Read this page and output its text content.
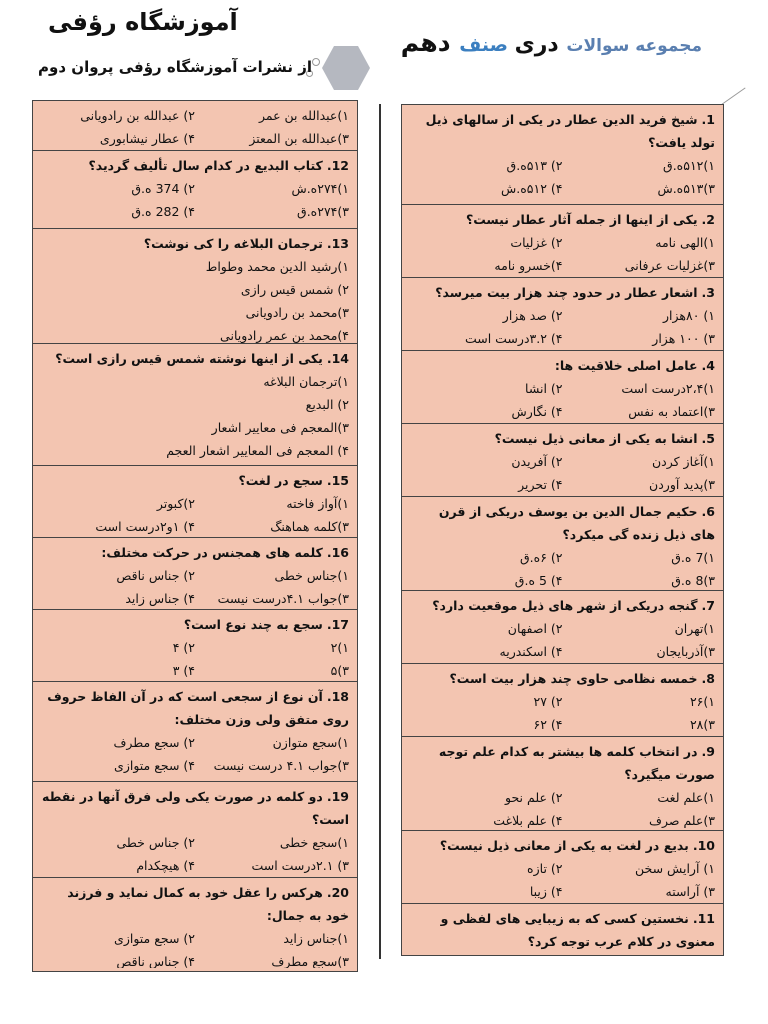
آموزشگاه رؤفی
مجموعه سوالات دری صنف دهم
از نشرات آموزشگاه رؤفی پروان دوم
۱)عبدالله بن عمر
۲) عبدالله بن رادویانی
۳)عبدالله بن المعتز
۴) عطار نیشابوری
12.کتاب البدیع در کدام سال تألیف گردید؟
۱)۲۷۴ه.ش
۲) 374 ه.ق
۳)۲۷۴ه.ق
۴) 282 ه.ق
13.ترجمان البلاغه را کی نوشت؟
۱)رشید الدین محمد وطواط
۲) شمس قیس رازی
۳)محمد بن رادویانی
۴)محمد بن عمر رادویانی
14.یکی از اینها نوشته شمس قیس رازی است؟
۱)ترجمان البلاغه
۲) البدیع
۳)المعجم فی معاییر اشعار
۴) المعجم فی المعاییر اشعار العجم
15.سجع در لغت؟
۱)آواز فاخته
۲)کبوتر
۳)کلمه هماهنگ
۴) ۱و۲درست است
16.کلمه های همجنس در حرکت مختلف:
۱)جناس خطی
۲) جناس ناقص
۳)جواب ۴.۱درست نیست
۴) جناس زاید
17.سجع به چند نوع است؟
۱)۲
۲) ۴
۳)۵
۴) ۳
18.آن نوع از سجعی است که در آن الفاظ حروف روی متفق ولی وزن مختلف:
۱)سجع متوازن
۲) سجع مطرف
۳)جواب ۴.۱ درست نیست
۴) سجع متوازی
19.دو کلمه در صورت یکی ولی فرق آنها در نقطه است؟
۱)سجع خطی
۲) جناس خطی
۳) ۲.۱درست است
۴) هیچکدام
20.هرکس را عقل خود به کمال نماید و فرزند خود به جمال:
۱)جناس زاید
۲) سجع متوازی
۳)سجع مطرف
۴) جناس ناقص
1.شیخ فرید الدین عطار در یکی از سالهای ذیل تولد یافت؟
۱)۵۱۲ه.ق
۲) ۵۱۳ه.ق
۳)۵۱۳ه.ش
۴) ۵۱۲ه.ش
2.یکی از اینها از جمله آثار عطار نیست؟
۱)الهی نامه
۲) غزلیات
۳)غزلیات عرفانی
۴)خسرو نامه
3.اشعار عطار در حدود چند هزار بیت میرسد؟
۱) ۸۰هزار
۲) صد هزار
۳) ۱۰۰ هزار
۴) ۳.۲درست است
4.عامل اصلی خلاقیت ها:
۱)۲،۴درست است
۲) انشا
۳)اعتماد به نفس
۴) نگارش
5.انشا به یکی از معانی ذیل نیست؟
۱)آغاز کردن
۲) آفریدن
۳)پدید آوردن
۴) تحریر
6.حکیم جمال الدین بن یوسف دریکی از قرن های ذیل زنده گی میکرد؟
۱)7 ه.ق
۲) ۶ه.ق
۳)8 ه.ق
۴) 5 ه.ق
7.گنجه دریکی از شهر های ذیل موقعیت دارد؟
۱)تهران
۲) اصفهان
۳)آذربایجان
۴) اسکندریه
8.خمسه نظامی حاوی چند هزار بیت است؟
۱)۲۶
۲) ۲۷
۳)۲۸
۴) ۶۲
9.در انتخاب کلمه ها بیشتر به کدام علم توجه صورت میگیرد؟
۱)علم لغت
۲) علم نحو
۳)علم صرف
۴) علم بلاغت
10.بدیع در لغت به یکی از معانی ذیل نیست؟
۱) آرایش سخن
۲) تازه
۳) آراسته
۴) زیبا
11.نخستین کسی که به زیبایی های لفظی و معنوی در کلام عرب توجه کرد؟
